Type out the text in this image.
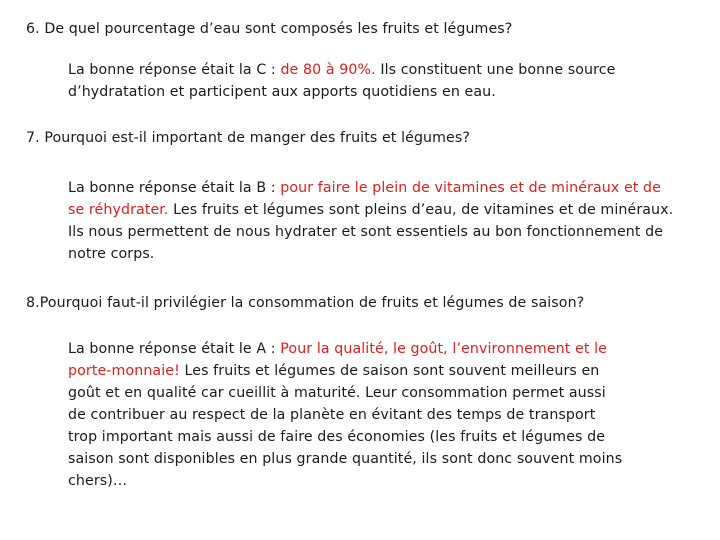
6. De quel pourcentage d’eau sont composés les fruits et légumes?
La bonne réponse était la C : de 80 à 90%. Ils constituent une bonne source
d’hydratation et participent aux apports quotidiens en eau.
7. Pourquoi est-il important de manger des fruits et légumes?
La bonne réponse était la B : pour faire le plein de vitamines et de minéraux et de
se réhydrater. Les fruits et légumes sont pleins d’eau, de vitamines et de minéraux.
Ils nous permettent de nous hydrater et sont essentiels au bon fonctionnement de
notre corps.
8.Pourquoi faut-il privilégier la consommation de fruits et légumes de saison?
La bonne réponse était le A : Pour la qualité, le goût, l’environnement et le
porte-monnaie! Les fruits et légumes de saison sont souvent meilleurs en
goût et en qualité car cueillit à maturité. Leur consommation permet aussi
de contribuer au respect de la planète en évitant des temps de transport
trop important mais aussi de faire des économies (les fruits et légumes de
saison sont disponibles en plus grande quantité, ils sont donc souvent moins
chers)…
